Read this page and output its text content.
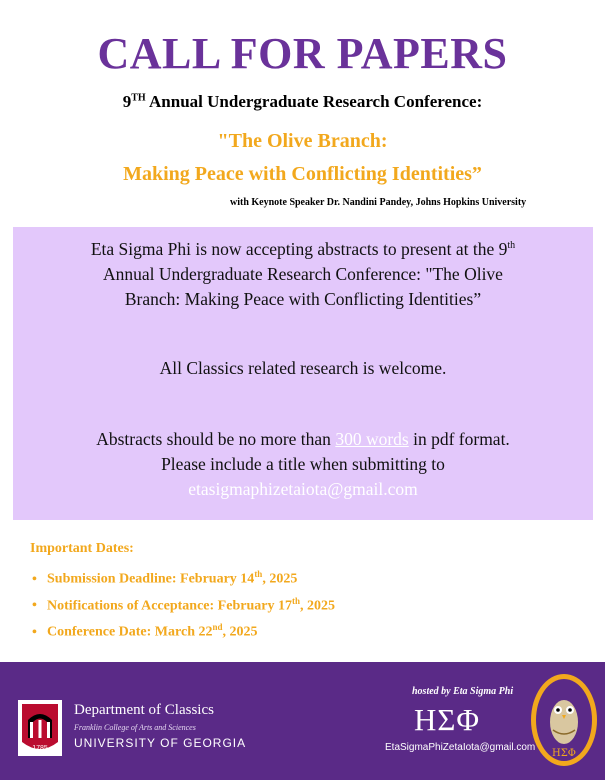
CALL FOR PAPERS
9TH Annual Undergraduate Research Conference:
"The Olive Branch:
Making Peace with Conflicting Identities”
with Keynote Speaker Dr. Nandini Pandey, Johns Hopkins University
Eta Sigma Phi is now accepting abstracts to present at the 9th
Annual Undergraduate Research Conference: "The Olive
Branch: Making Peace with Conflicting Identities”
All Classics related research is welcome.
Abstracts should be no more than 300 words in pdf format.
Please include a title when submitting to
etasigmaphizetaiota@gmail.com
Important Dates:
• Submission Deadline: February 14th, 2025
• Notifications of Acceptance: February 17th, 2025
• Conference Date: March 22nd, 2025
1785
Department of Classics
Franklin College of Arts and Sciences
UNIVERSITY OF GEORGIA
hosted by Eta Sigma Phi
ΗΣΦ
EtaSigmaPhiZetaIota@gmail.com
ΗΣΦ
